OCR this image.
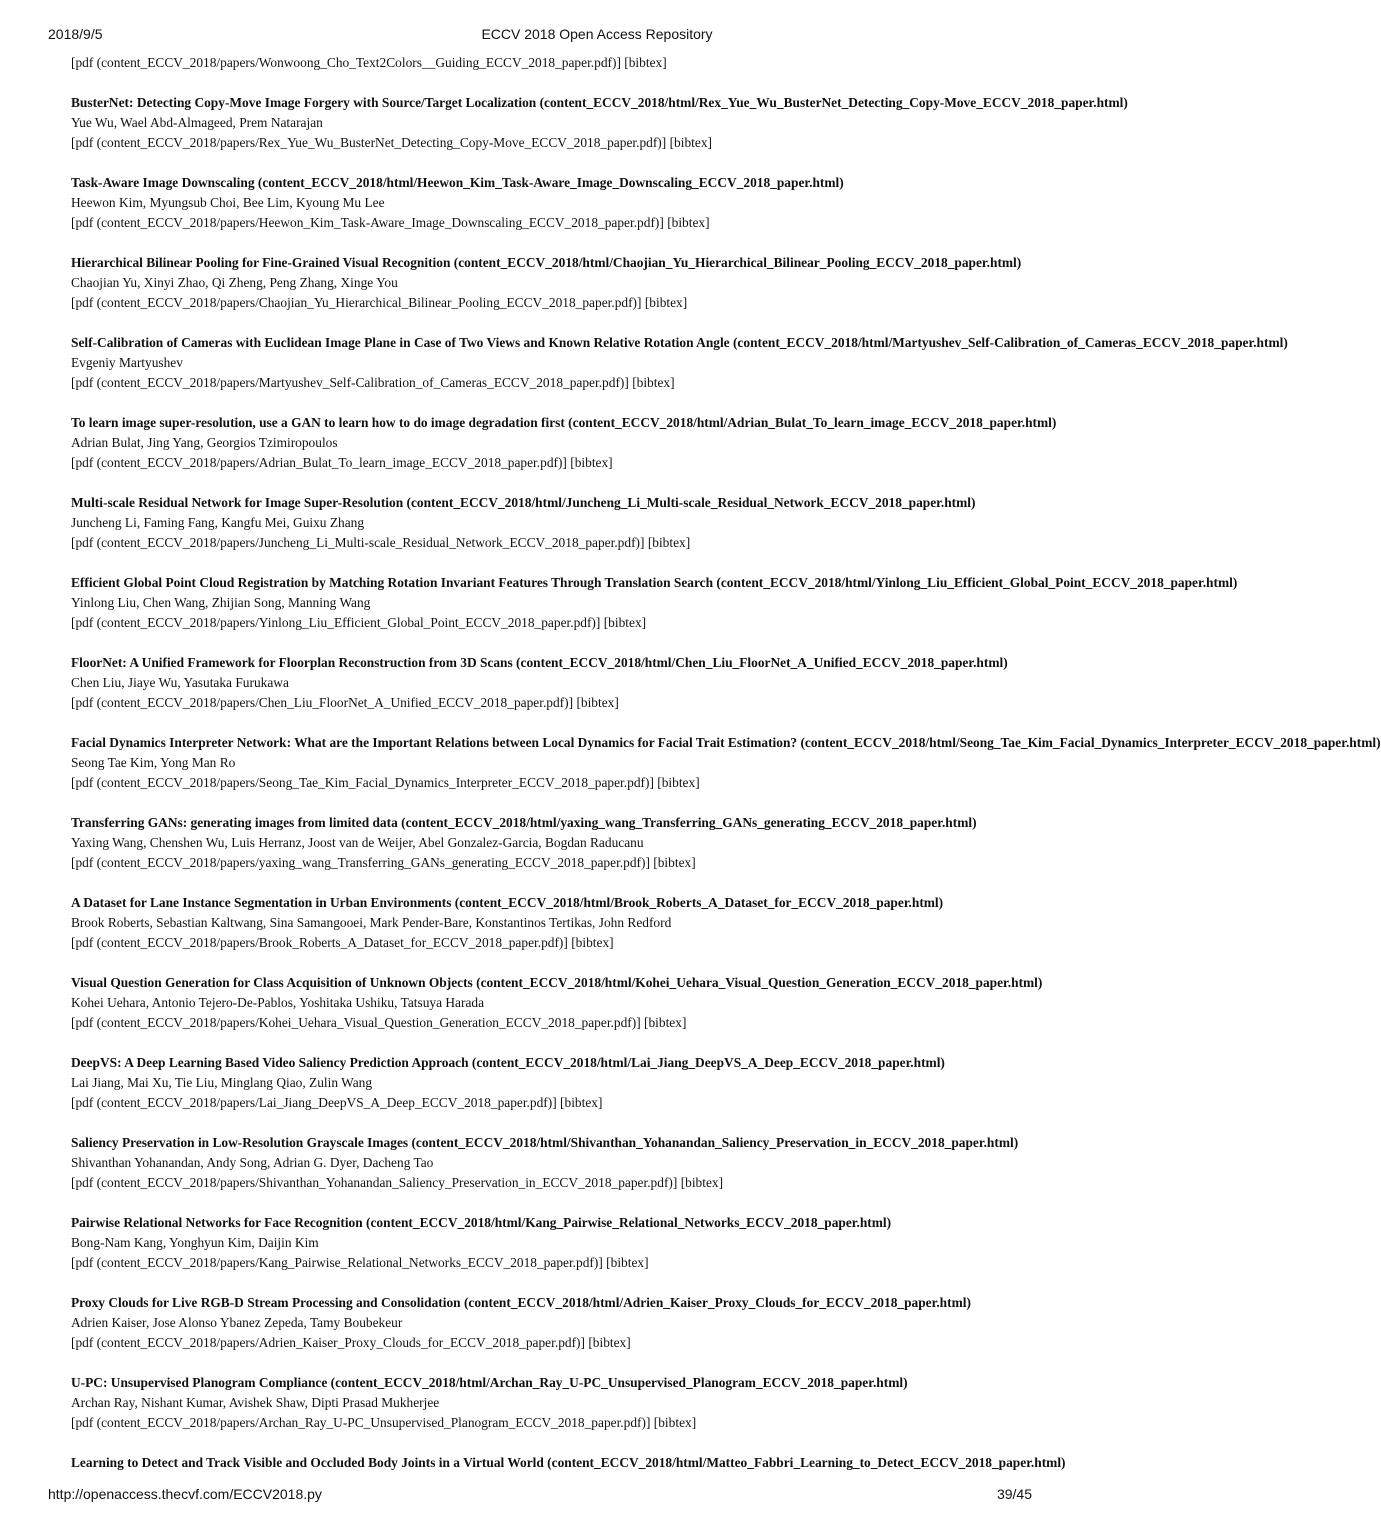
2018/9/5	ECCV 2018 Open Access Repository
[pdf (content_ECCV_2018/papers/Wonwoong_Cho_Text2Colors__Guiding_ECCV_2018_paper.pdf)] [bibtex]
BusterNet: Detecting Copy-Move Image Forgery with Source/Target Localization (content_ECCV_2018/html/Rex_Yue_Wu_BusterNet_Detecting_Copy-Move_ECCV_2018_paper.html)
Yue Wu, Wael Abd-Almageed, Prem Natarajan
[pdf (content_ECCV_2018/papers/Rex_Yue_Wu_BusterNet_Detecting_Copy-Move_ECCV_2018_paper.pdf)] [bibtex]
Task-Aware Image Downscaling (content_ECCV_2018/html/Heewon_Kim_Task-Aware_Image_Downscaling_ECCV_2018_paper.html)
Heewon Kim, Myungsub Choi, Bee Lim, Kyoung Mu Lee
[pdf (content_ECCV_2018/papers/Heewon_Kim_Task-Aware_Image_Downscaling_ECCV_2018_paper.pdf)] [bibtex]
Hierarchical Bilinear Pooling for Fine-Grained Visual Recognition (content_ECCV_2018/html/Chaojian_Yu_Hierarchical_Bilinear_Pooling_ECCV_2018_paper.html)
Chaojian Yu, Xinyi Zhao, Qi Zheng, Peng Zhang, Xinge You
[pdf (content_ECCV_2018/papers/Chaojian_Yu_Hierarchical_Bilinear_Pooling_ECCV_2018_paper.pdf)] [bibtex]
Self-Calibration of Cameras with Euclidean Image Plane in Case of Two Views and Known Relative Rotation Angle (content_ECCV_2018/html/Martyushev_Self-Calibration_of_Cameras_ECCV_2018_paper.html)
Evgeniy Martyushev
[pdf (content_ECCV_2018/papers/Martyushev_Self-Calibration_of_Cameras_ECCV_2018_paper.pdf)] [bibtex]
To learn image super-resolution, use a GAN to learn how to do image degradation first (content_ECCV_2018/html/Adrian_Bulat_To_learn_image_ECCV_2018_paper.html)
Adrian Bulat, Jing Yang, Georgios Tzimiropoulos
[pdf (content_ECCV_2018/papers/Adrian_Bulat_To_learn_image_ECCV_2018_paper.pdf)] [bibtex]
Multi-scale Residual Network for Image Super-Resolution (content_ECCV_2018/html/Juncheng_Li_Multi-scale_Residual_Network_ECCV_2018_paper.html)
Juncheng Li, Faming Fang, Kangfu Mei, Guixu Zhang
[pdf (content_ECCV_2018/papers/Juncheng_Li_Multi-scale_Residual_Network_ECCV_2018_paper.pdf)] [bibtex]
Efficient Global Point Cloud Registration by Matching Rotation Invariant Features Through Translation Search (content_ECCV_2018/html/Yinlong_Liu_Efficient_Global_Point_ECCV_2018_paper.html)
Yinlong Liu, Chen Wang, Zhijian Song, Manning Wang
[pdf (content_ECCV_2018/papers/Yinlong_Liu_Efficient_Global_Point_ECCV_2018_paper.pdf)] [bibtex]
FloorNet: A Unified Framework for Floorplan Reconstruction from 3D Scans (content_ECCV_2018/html/Chen_Liu_FloorNet_A_Unified_ECCV_2018_paper.html)
Chen Liu, Jiaye Wu, Yasutaka Furukawa
[pdf (content_ECCV_2018/papers/Chen_Liu_FloorNet_A_Unified_ECCV_2018_paper.pdf)] [bibtex]
Facial Dynamics Interpreter Network: What are the Important Relations between Local Dynamics for Facial Trait Estimation? (content_ECCV_2018/html/Seong_Tae_Kim_Facial_Dynamics_Interpreter_ECCV_2018_paper.html)
Seong Tae Kim, Yong Man Ro
[pdf (content_ECCV_2018/papers/Seong_Tae_Kim_Facial_Dynamics_Interpreter_ECCV_2018_paper.pdf)] [bibtex]
Transferring GANs: generating images from limited data (content_ECCV_2018/html/yaxing_wang_Transferring_GANs_generating_ECCV_2018_paper.html)
Yaxing Wang, Chenshen Wu, Luis Herranz, Joost van de Weijer, Abel Gonzalez-Garcia, Bogdan Raducanu
[pdf (content_ECCV_2018/papers/yaxing_wang_Transferring_GANs_generating_ECCV_2018_paper.pdf)] [bibtex]
A Dataset for Lane Instance Segmentation in Urban Environments (content_ECCV_2018/html/Brook_Roberts_A_Dataset_for_ECCV_2018_paper.html)
Brook Roberts, Sebastian Kaltwang, Sina Samangooei, Mark Pender-Bare, Konstantinos Tertikas, John Redford
[pdf (content_ECCV_2018/papers/Brook_Roberts_A_Dataset_for_ECCV_2018_paper.pdf)] [bibtex]
Visual Question Generation for Class Acquisition of Unknown Objects (content_ECCV_2018/html/Kohei_Uehara_Visual_Question_Generation_ECCV_2018_paper.html)
Kohei Uehara, Antonio Tejero-De-Pablos, Yoshitaka Ushiku, Tatsuya Harada
[pdf (content_ECCV_2018/papers/Kohei_Uehara_Visual_Question_Generation_ECCV_2018_paper.pdf)] [bibtex]
DeepVS: A Deep Learning Based Video Saliency Prediction Approach (content_ECCV_2018/html/Lai_Jiang_DeepVS_A_Deep_ECCV_2018_paper.html)
Lai Jiang, Mai Xu, Tie Liu, Minglang Qiao, Zulin Wang
[pdf (content_ECCV_2018/papers/Lai_Jiang_DeepVS_A_Deep_ECCV_2018_paper.pdf)] [bibtex]
Saliency Preservation in Low-Resolution Grayscale Images (content_ECCV_2018/html/Shivanthan_Yohanandan_Saliency_Preservation_in_ECCV_2018_paper.html)
Shivanthan Yohanandan, Andy Song, Adrian G. Dyer, Dacheng Tao
[pdf (content_ECCV_2018/papers/Shivanthan_Yohanandan_Saliency_Preservation_in_ECCV_2018_paper.pdf)] [bibtex]
Pairwise Relational Networks for Face Recognition (content_ECCV_2018/html/Kang_Pairwise_Relational_Networks_ECCV_2018_paper.html)
Bong-Nam Kang, Yonghyun Kim, Daijin Kim
[pdf (content_ECCV_2018/papers/Kang_Pairwise_Relational_Networks_ECCV_2018_paper.pdf)] [bibtex]
Proxy Clouds for Live RGB-D Stream Processing and Consolidation (content_ECCV_2018/html/Adrien_Kaiser_Proxy_Clouds_for_ECCV_2018_paper.html)
Adrien Kaiser, Jose Alonso Ybanez Zepeda, Tamy Boubekeur
[pdf (content_ECCV_2018/papers/Adrien_Kaiser_Proxy_Clouds_for_ECCV_2018_paper.pdf)] [bibtex]
U-PC: Unsupervised Planogram Compliance (content_ECCV_2018/html/Archan_Ray_U-PC_Unsupervised_Planogram_ECCV_2018_paper.html)
Archan Ray, Nishant Kumar, Avishek Shaw, Dipti Prasad Mukherjee
[pdf (content_ECCV_2018/papers/Archan_Ray_U-PC_Unsupervised_Planogram_ECCV_2018_paper.pdf)] [bibtex]
Learning to Detect and Track Visible and Occluded Body Joints in a Virtual World (content_ECCV_2018/html/Matteo_Fabbri_Learning_to_Detect_ECCV_2018_paper.html)
http://openaccess.thecvf.com/ECCV2018.py	39/45
